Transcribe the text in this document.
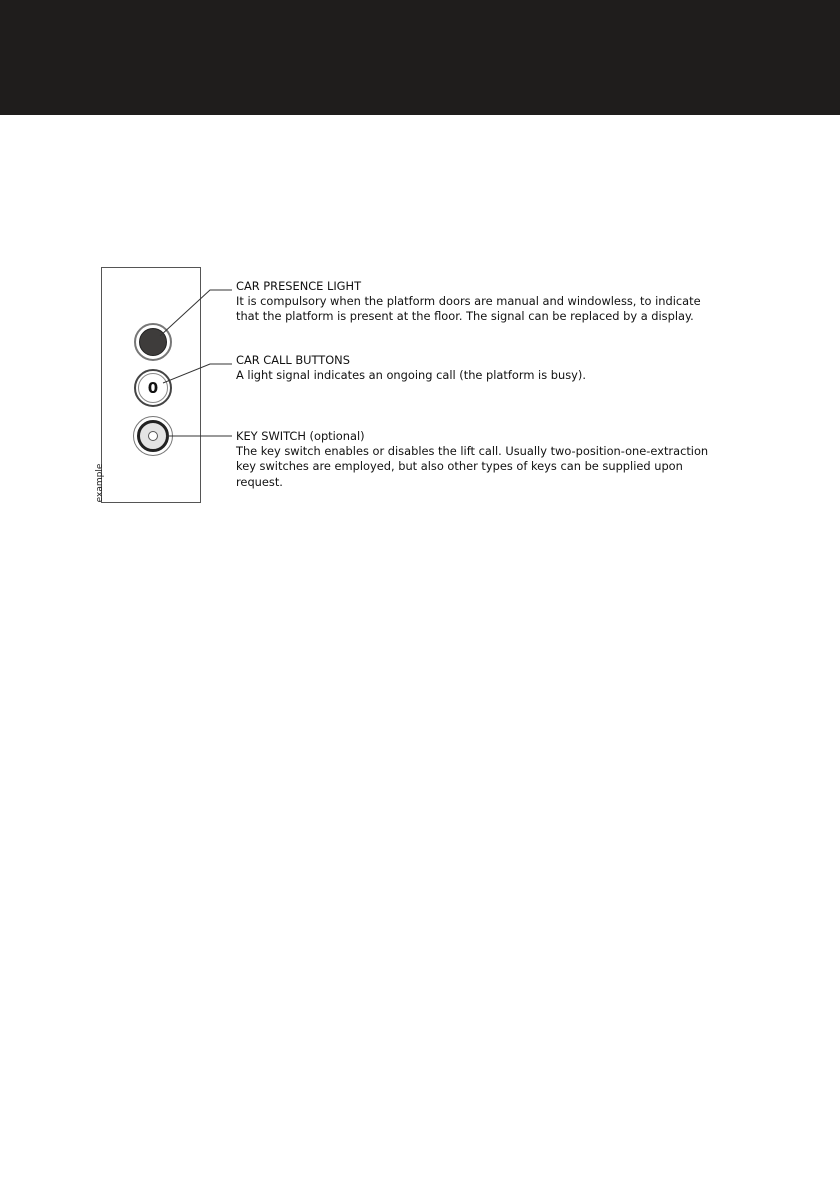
example
0
CAR PRESENCE LIGHT
It is compulsory when the platform doors are manual and windowless, to indicate that the platform is present at the floor. The signal can be replaced by a display.
CAR CALL BUTTONS
A light signal indicates an ongoing call (the platform is busy).
KEY SWITCH (optional)
The key switch enables or disables the lift call. Usually two-position-one-extraction key switches are employed, but also other types of keys can be supplied upon request.
